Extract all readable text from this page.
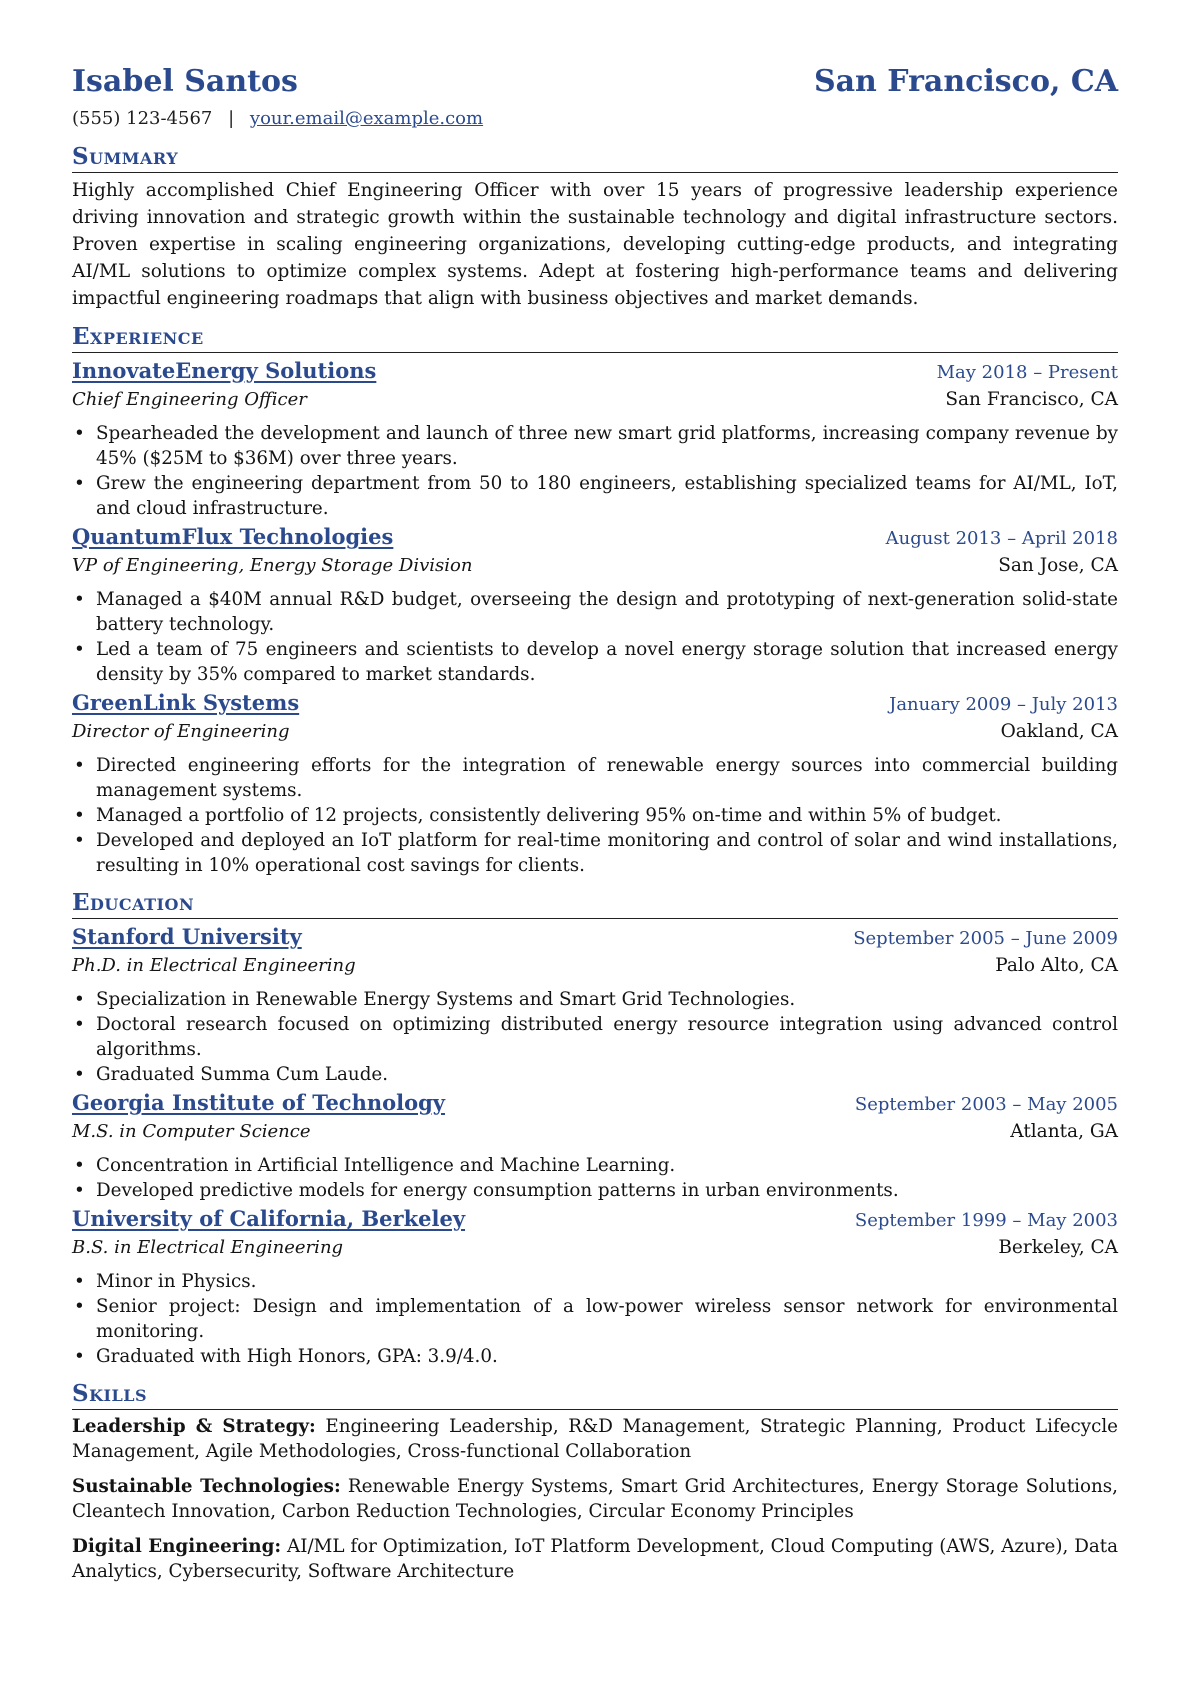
Isabel Santos	San Francisco, CA
(555) 123-4567 | your.email@example.com
Summary
Highly accomplished Chief Engineering Officer with over 15 years of progressive leadership experience driving innovation and strategic growth within the sustainable technology and digital infrastructure sectors. Proven expertise in scaling engineering organizations, developing cutting-edge products, and integrating AI/ML solutions to optimize complex systems. Adept at fostering high-performance teams and delivering impactful engineering roadmaps that align with business objectives and market demands.
Experience
InnovateEnergy Solutions	May 2018 – Present
Chief Engineering Officer	San Francisco, CA
• Spearheaded the development and launch of three new smart grid platforms, increasing company revenue by 45% ($25M to $36M) over three years.
• Grew the engineering department from 50 to 180 engineers, establishing specialized teams for AI/ML, IoT, and cloud infrastructure.
QuantumFlux Technologies	August 2013 – April 2018
VP of Engineering, Energy Storage Division	San Jose, CA
• Managed a $40M annual R&D budget, overseeing the design and prototyping of next-generation solid-state battery technology.
• Led a team of 75 engineers and scientists to develop a novel energy storage solution that increased energy density by 35% compared to market standards.
GreenLink Systems	January 2009 – July 2013
Director of Engineering	Oakland, CA
• Directed engineering efforts for the integration of renewable energy sources into commercial building management systems.
• Managed a portfolio of 12 projects, consistently delivering 95% on-time and within 5% of budget.
• Developed and deployed an IoT platform for real-time monitoring and control of solar and wind installations, resulting in 10% operational cost savings for clients.
Education
Stanford University	September 2005 – June 2009
Ph.D. in Electrical Engineering	Palo Alto, CA
• Specialization in Renewable Energy Systems and Smart Grid Technologies.
• Doctoral research focused on optimizing distributed energy resource integration using advanced control algorithms.
• Graduated Summa Cum Laude.
Georgia Institute of Technology	September 2003 – May 2005
M.S. in Computer Science	Atlanta, GA
• Concentration in Artificial Intelligence and Machine Learning.
• Developed predictive models for energy consumption patterns in urban environments.
University of California, Berkeley	September 1999 – May 2003
B.S. in Electrical Engineering	Berkeley, CA
• Minor in Physics.
• Senior project: Design and implementation of a low-power wireless sensor network for environmental monitoring.
• Graduated with High Honors, GPA: 3.9/4.0.
Skills
Leadership & Strategy: Engineering Leadership, R&D Management, Strategic Planning, Product Lifecycle Management, Agile Methodologies, Cross-functional Collaboration
Sustainable Technologies: Renewable Energy Systems, Smart Grid Architectures, Energy Storage Solutions, Cleantech Innovation, Carbon Reduction Technologies, Circular Economy Principles
Digital Engineering: AI/ML for Optimization, IoT Platform Development, Cloud Computing (AWS, Azure), Data Analytics, Cybersecurity, Software Architecture
